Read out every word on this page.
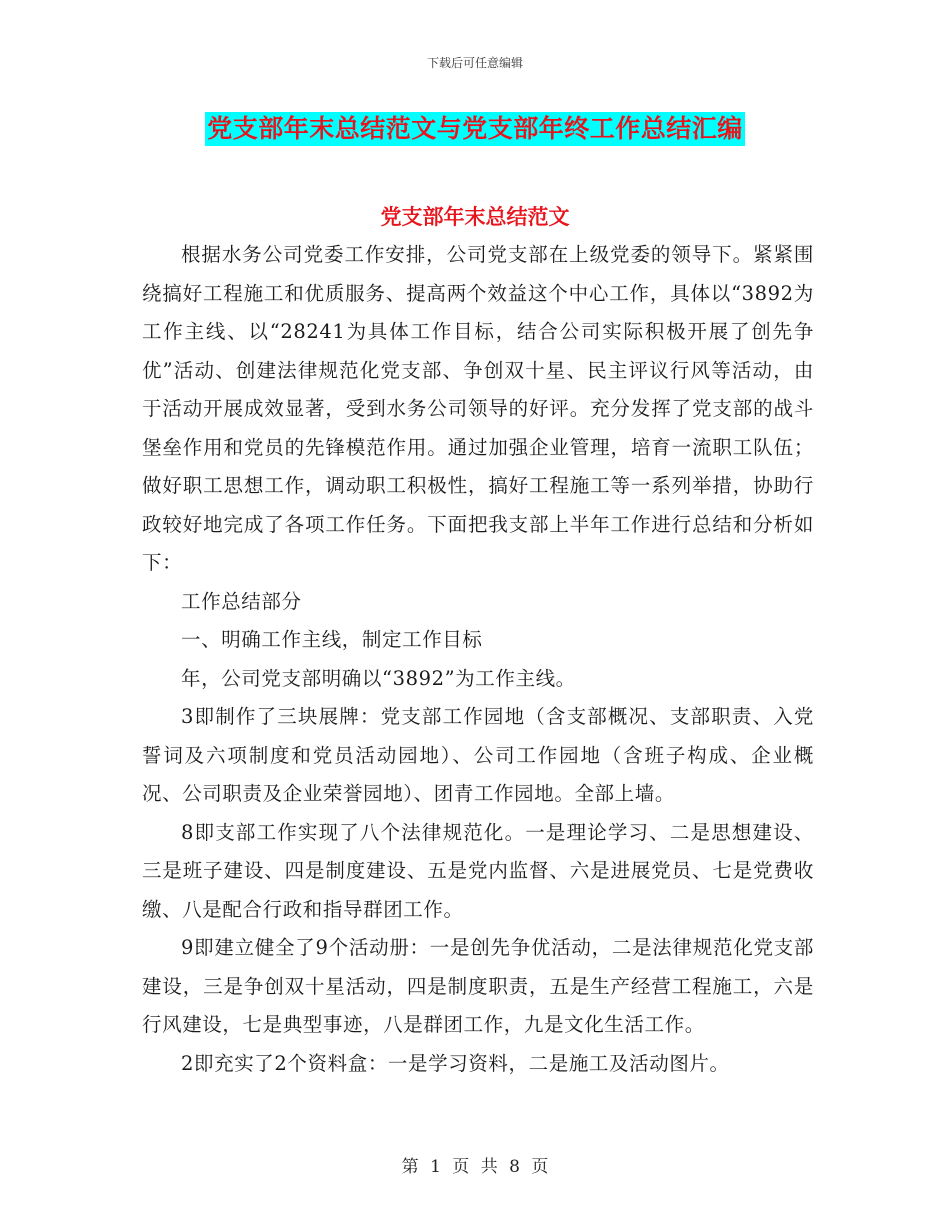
下载后可任意编辑
党支部年末总结范文与党支部年终工作总结汇编
党支部年末总结范文

根据水务公司党委工作安排，公司党支部在上级党委的领导下。紧紧围绕搞好工程施工和优质服务、提高两个效益这个中心工作，具体以“3892为工作主线、以“28241为具体工作目标，结合公司实际积极开展了创先争优”活动、创建法律规范化党支部、争创双十星、民主评议行风等活动，由于活动开展成效显著，受到水务公司领导的好评。充分发挥了党支部的战斗堡垒作用和党员的先锋模范作用。通过加强企业管理，培育一流职工队伍；做好职工思想工作，调动职工积极性，搞好工程施工等一系列举措，协助行政较好地完成了各项工作任务。下面把我支部上半年工作进行总结和分析如下：

工作总结部分

一、明确工作主线，制定工作目标

年，公司党支部明确以“3892”为工作主线。

3即制作了三块展牌：党支部工作园地（含支部概况、支部职责、入党誓词及六项制度和党员活动园地）、公司工作园地（含班子构成、企业概况、公司职责及企业荣誉园地）、团青工作园地。全部上墙。

8即支部工作实现了八个法律规范化。一是理论学习、二是思想建设、三是班子建设、四是制度建设、五是党内监督、六是进展党员、七是党费收缴、八是配合行政和指导群团工作。

9即建立健全了9个活动册：一是创先争优活动，二是法律规范化党支部建设，三是争创双十星活动，四是制度职责，五是生产经营工程施工，六是行风建设，七是典型事迹，八是群团工作，九是文化生活工作。

2即充实了2个资料盒：一是学习资料，二是施工及活动图片。

第 1 页 共 8 页
